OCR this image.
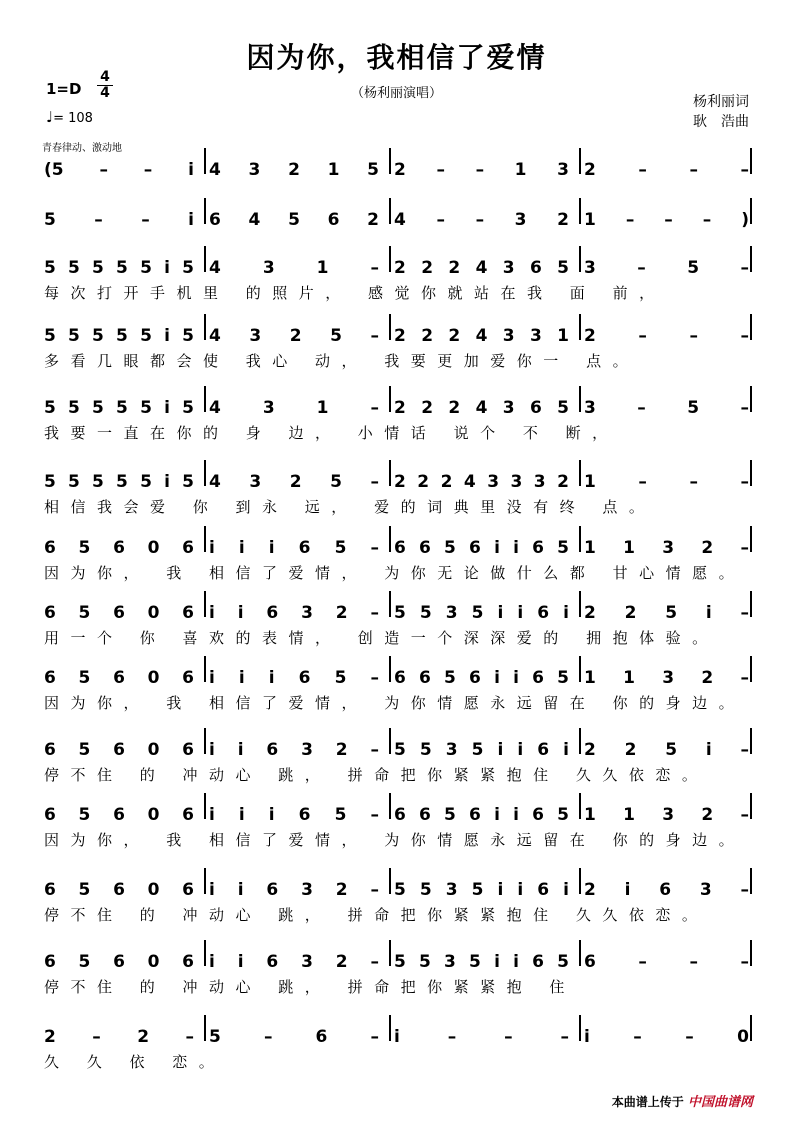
因为你，我相信了爱情
（杨利丽演唱）
1=D
4
4
♩= 108
杨利丽词
耿　浩曲
青春律动、激动地
(5 – – i 4 3 2 1 5 2 – – 1 3 2	–	–	–
5 – – i 6 4 5 6 2 4 – – 3 2 1 – – – )
5 5 5 5 5 i 5 4 3 1 – 2 2 2 4 3 6 5 3 – 5 –
每次打开手机里 的照片， 感觉你就站在我 面 前，
5 5 5 5 5 i 5 4 3 2 5 – 2 2 2 4 3 3 1 2	–	–	–
多看几眼都会使 我心 动， 我要更加爱你一 点。
5 5 5 5 5 i 5 4 3 1 – 2 2 2 4 3 6 5 3 – 5 –
我要一直在你的 身 边， 小情话 说个 不 断，
5 5 5 5 5 i 5 4 3 2 5 – 2 2 2 4 3 3 3 2 1	–	–	–
相信我会爱 你 到永 远， 爱的词典里没有终 点。
6 5 6 0 6 i i i 6 5 – 6 6 5 6 i i 6 5 1 1 3 2 –
因为你， 我 相信了爱情， 为你无论做什么都 甘心情愿。
6 5 6 0 6 i i 6 3 2 – 5 5 3 5 i i 6 i 2 2 5 i –
用一个 你 喜欢的表情， 创造一个深深爱的 拥抱体验。
6 5 6 0 6 i i i 6 5 – 6 6 5 6 i i 6 5 1 1 3 2 –
因为你， 我 相信了爱情， 为你情愿永远留在 你的身边。
6 5 6 0 6 i i 6 3 2 – 5 5 3 5 i i 6 i 2 2 5 i –
停不住 的 冲动心 跳， 拼命把你紧紧抱住 久久依恋。
6 5 6 0 6 i i i 6 5 – 6 6 5 6 i i 6 5 1 1 3 2 –
因为你， 我 相信了爱情， 为你情愿永远留在 你的身边。
6 5 6 0 6 i i 6 3 2 – 5 5 3 5 i i 6 i 2 i 6 3 –
停不住 的 冲动心 跳， 拼命把你紧紧抱住 久久依恋。
6 5 6 0 6 i i 6 3 2 – 5 5 3 5 i i 6 5 6	–	–	–
停不住 的 冲动心 跳， 拼命把你紧紧抱 住
2 – 2 – 5	–	6	– i	–	–	– i	–	–	0
久 久 依 恋。
本曲谱上传于 中国曲谱网
